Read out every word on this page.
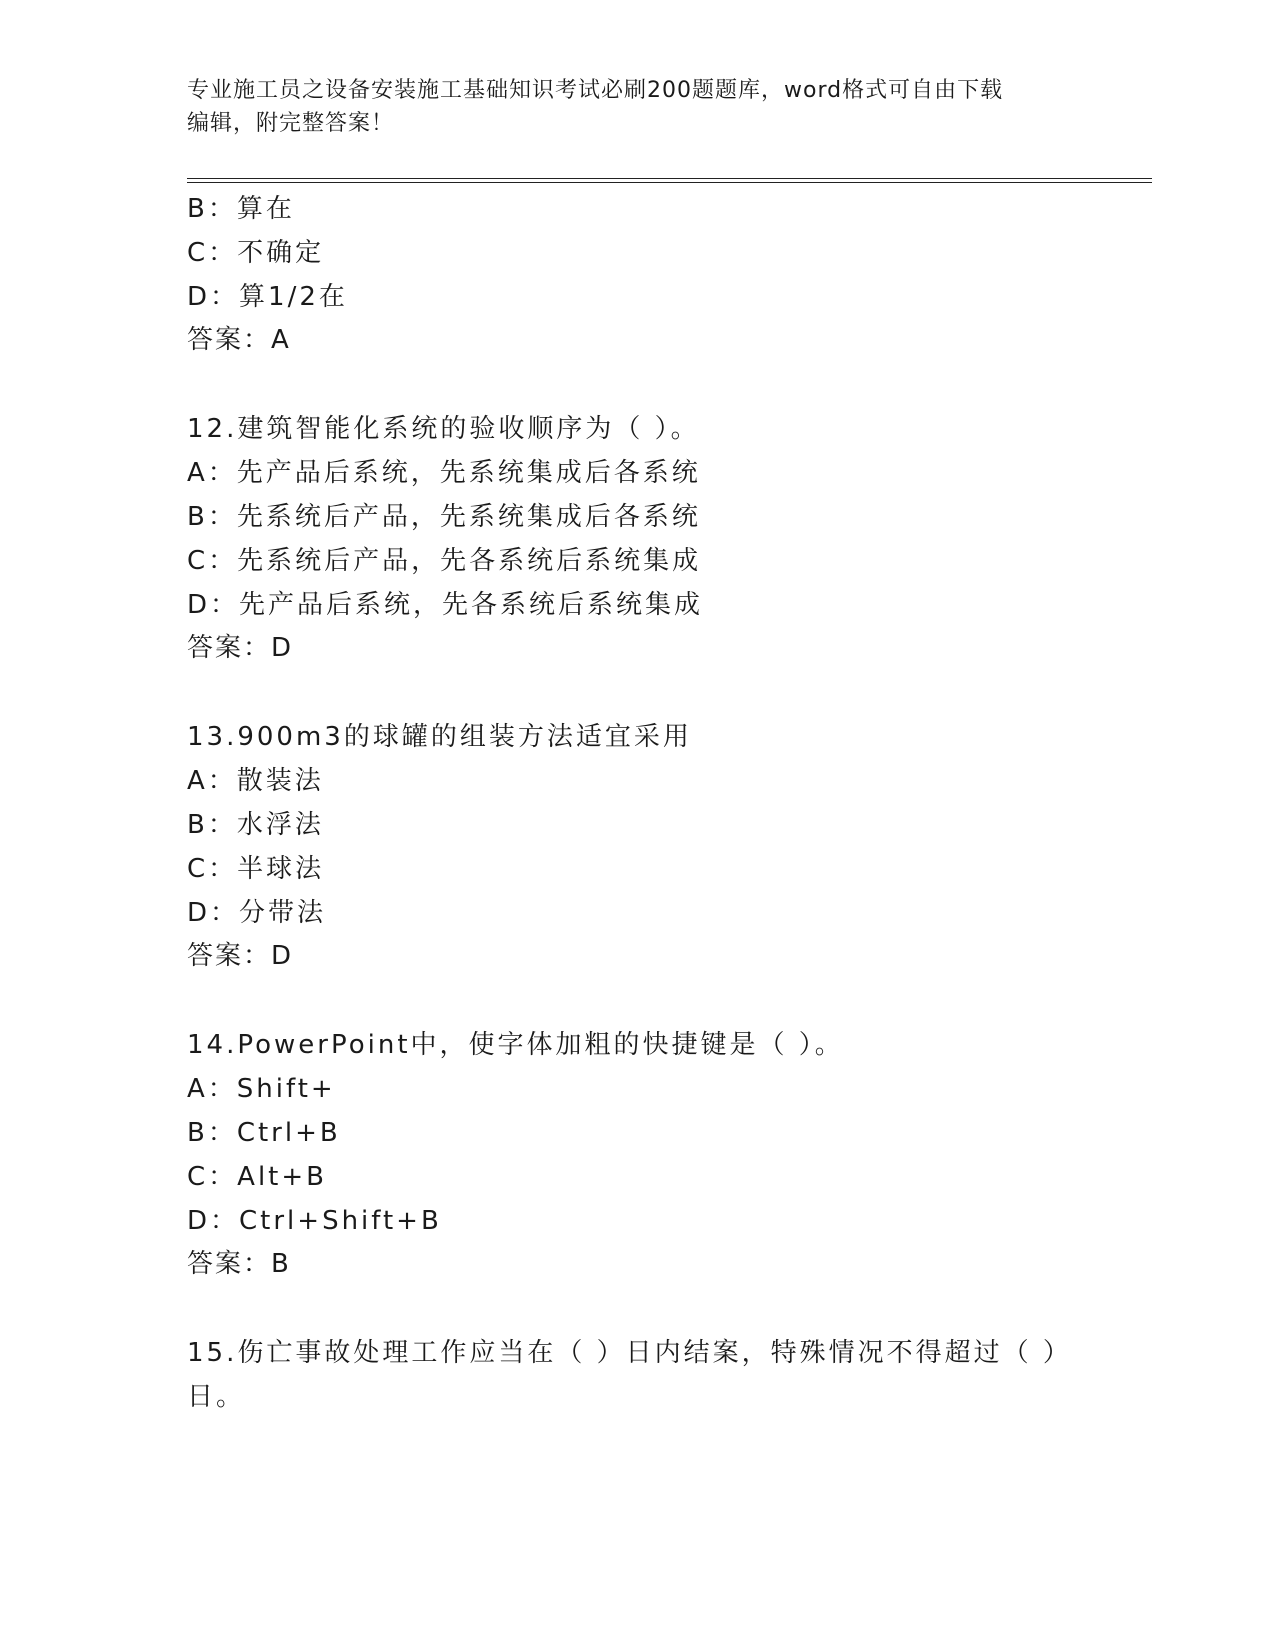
专业施工员之设备安装施工基础知识考试必刷200题题库，word格式可自由下载
编辑，附完整答案！
B：算在
C：不确定
D：算1/2在
答案：A
12.建筑智能化系统的验收顺序为（ ）。
A：先产品后系统，先系统集成后各系统
B：先系统后产品，先系统集成后各系统
C：先系统后产品，先各系统后系统集成
D：先产品后系统，先各系统后系统集成
答案：D
13.900m3的球罐的组装方法适宜采用
A：散装法
B：水浮法
C：半球法
D：分带法
答案：D
14.PowerPoint中，使字体加粗的快捷键是（ ）。
A：Shift+
B：Ctrl+B
C：Alt+B
D：Ctrl+Shift+B
答案：B
15.伤亡事故处理工作应当在（ ）日内结案，特殊情况不得超过（ ）
日。
